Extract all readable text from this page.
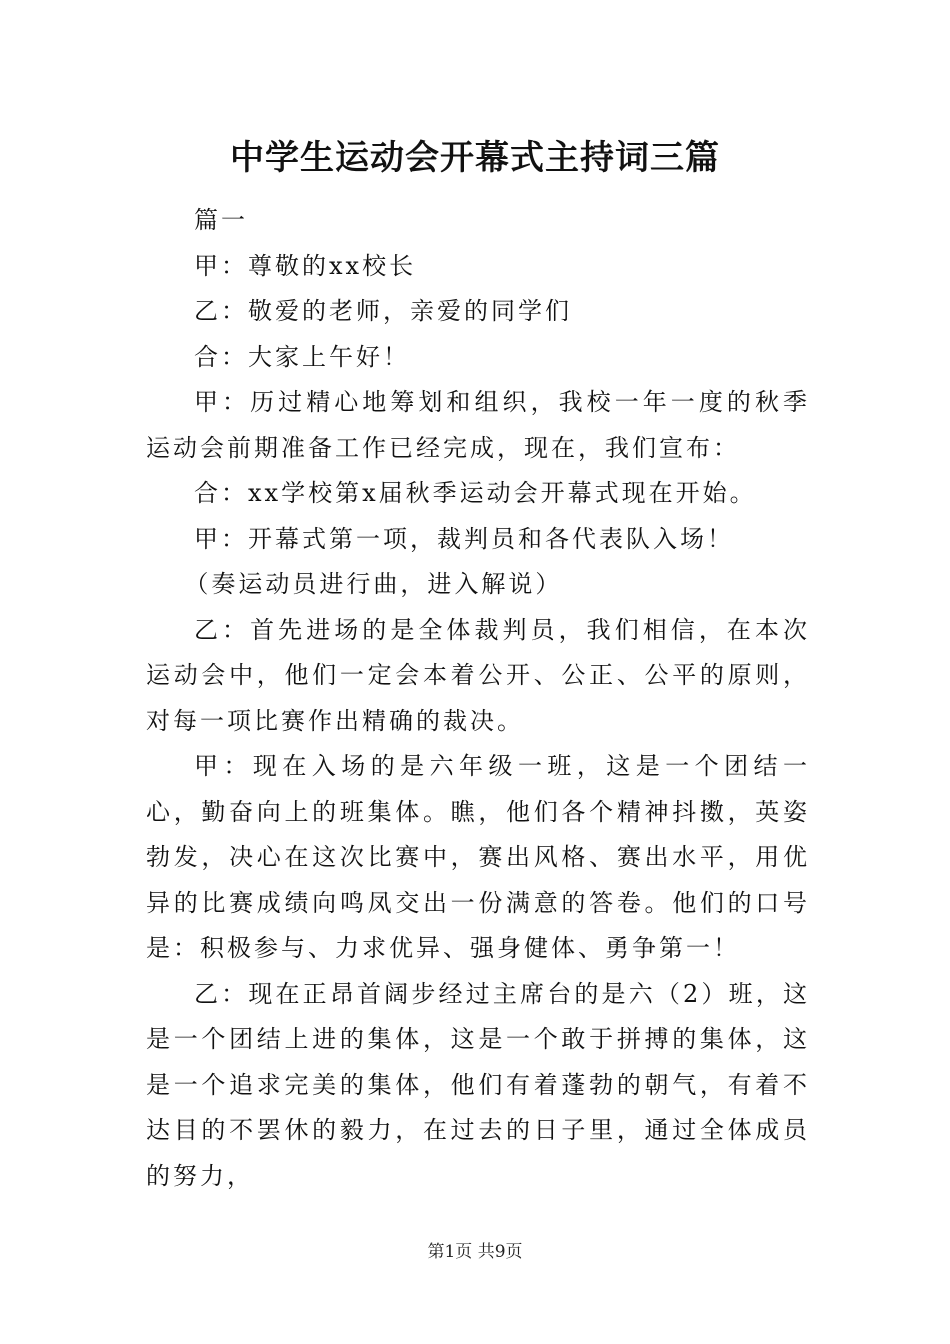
中学生运动会开幕式主持词三篇

篇一

甲：尊敬的xx校长

乙：敬爱的老师，亲爱的同学们

合：大家上午好！

甲：历过精心地筹划和组织，我校一年一度的秋季运动会前期准备工作已经完成，现在，我们宣布：

合：xx学校第x届秋季运动会开幕式现在开始。

甲：开幕式第一项，裁判员和各代表队入场！

（奏运动员进行曲，进入解说）

乙：首先进场的是全体裁判员，我们相信，在本次运动会中，他们一定会本着公开、公正、公平的原则，对每一项比赛作出精确的裁决。

甲：现在入场的是六年级一班，这是一个团结一心，勤奋向上的班集体。瞧，他们各个精神抖擞，英姿勃发，决心在这次比赛中，赛出风格、赛出水平，用优异的比赛成绩向鸣凤交出一份满意的答卷。他们的口号是：积极参与、力求优异、强身健体、勇争第一！

乙：现在正昂首阔步经过主席台的是六（2）班，这是一个团结上进的集体，这是一个敢于拼搏的集体，这是一个追求完美的集体，他们有着蓬勃的朝气，有着不达目的不罢休的毅力，在过去的日子里，通过全体成员的努力，

第1页 共9页
